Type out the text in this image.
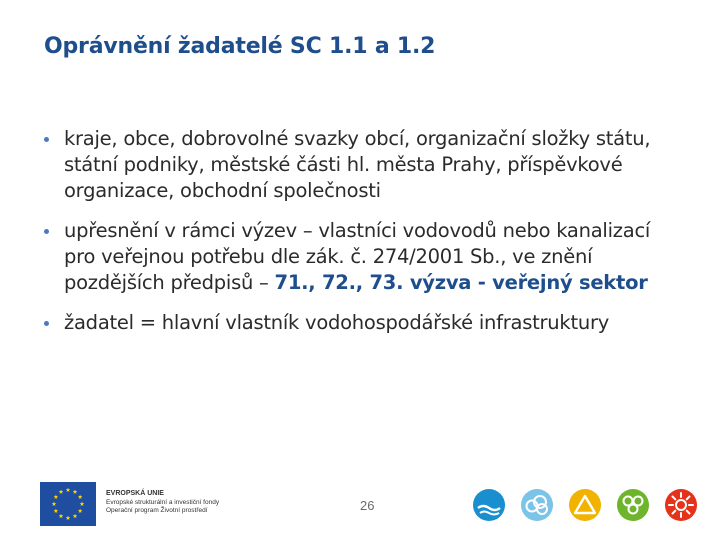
Oprávnění žadatelé SC 1.1 a 1.2
kraje, obce, dobrovolné svazky obcí, organizační složky státu, státní podniky, městské části hl. města Prahy, příspěvkové organizace, obchodní společnosti
upřesnění v rámci výzev – vlastníci vodovodů nebo kanalizací pro veřejnou potřebu dle zák. č. 274/2001 Sb., ve znění pozdějších předpisů – 71., 72., 73. výzva - veřejný sektor
žadatel = hlavní vlastník vodohospodářské infrastruktury
EVROPSKÁ UNIE
Evropské strukturální a investiční fondy
Operační program Životní prostředí	26
